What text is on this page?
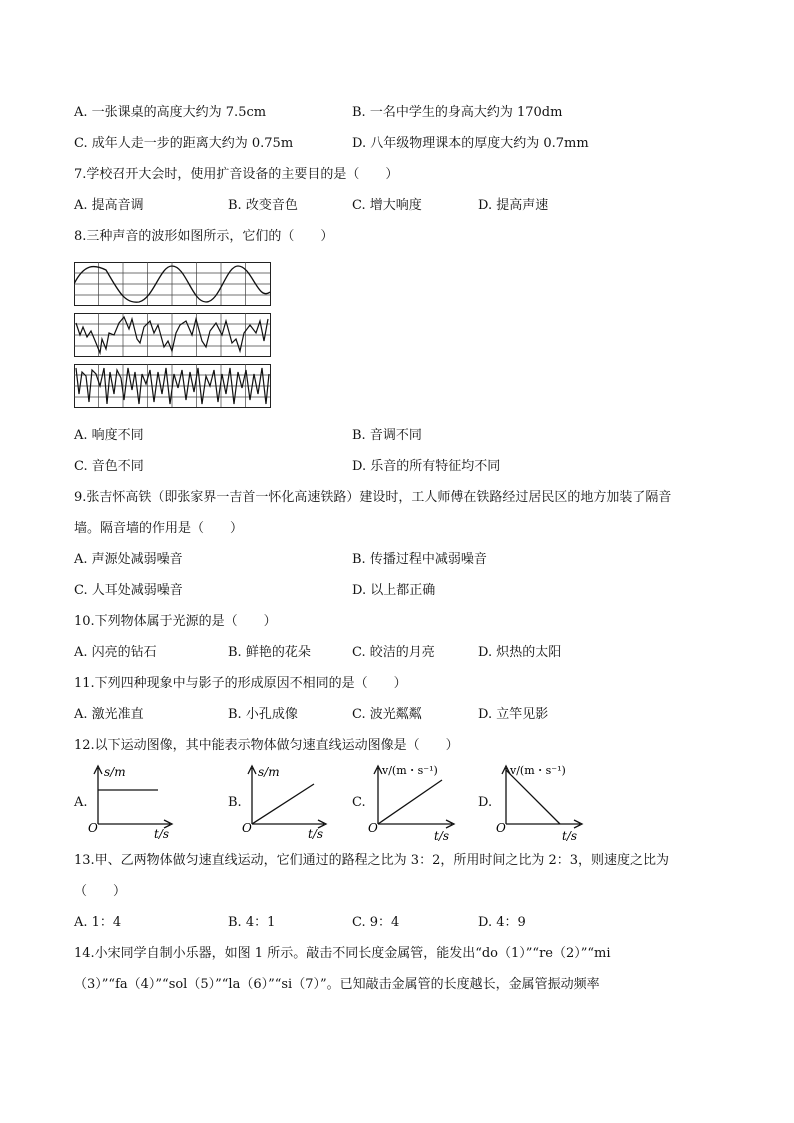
A. 一张课桌的高度大约为 7.5cm	B. 一名中学生的身高大约为 170dm
C. 成年人走一步的距离大约为 0.75m	D. 八年级物理课本的厚度大约为 0.7mm
7.学校召开大会时，使用扩音设备的主要目的是（　　）
A. 提高音调	B. 改变音色	C. 增大响度	D. 提高声速
8.三种声音的波形如图所示，它们的（　　）
A. 响度不同	B. 音调不同
C. 音色不同	D. 乐音的所有特征均不同
9.张吉怀高铁（即张家界一吉首一怀化高速铁路）建设时，工人师傅在铁路经过居民区的地方加装了隔音
墙。隔音墙的作用是（　　）
A. 声源处减弱噪音	B. 传播过程中减弱噪音
C. 人耳处减弱噪音	D. 以上都正确
10.下列物体属于光源的是（　　）
A. 闪亮的钻石	B. 鲜艳的花朵	C. 皎洁的月亮	D. 炽热的太阳
11.下列四种现象中与影子的形成原因不相同的是（　　）
A. 激光准直	B. 小孔成像	C. 波光粼粼	D. 立竿见影
12.以下运动图像，其中能表示物体做匀速直线运动图像是（　　）
A.	B.	C.	D.
s/m
O	t/s
s/m
O	t/s
v/(m・s⁻¹)
O
t/s
v/(m・s⁻¹)
O
t/s
13.甲、乙两物体做匀速直线运动，它们通过的路程之比为 3：2，所用时间之比为 2：3，则速度之比为
（　　）
A. 1：4	B. 4：1	C. 9：4	D. 4：9
14.小宋同学自制小乐器，如图 1 所示。敲击不同长度金属管，能发出“do（1）”“re（2）”“mi
（3）”“fa（4）”“sol（5）”“la（6）”“si（7）”。已知敲击金属管的长度越长，金属管振动频率
